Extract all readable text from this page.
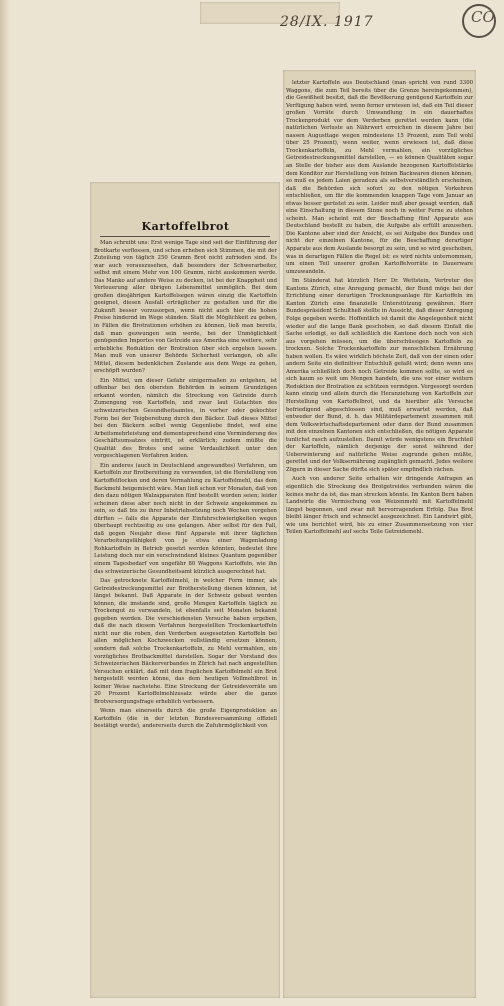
28/IX. 1917	CO
Kartoffelbrot

Man schreibt uns: Erst wenige Tage sind seit der Einführung der Brotkarte verflossen, und schon erheben sich Stimmen, die mit der Zuteilung von täglich 250 Gramm Brot nicht zufrieden sind. Es war auch vorauszusehen, daß besonders der Schwerarbeiter, selbst mit einem Mehr von 100 Gramm, nicht auskommen werde. Das Manko auf andere Weise zu decken, ist bei der Knappheit und Verteuerung aller übrigen Lebensmittel unmöglich. Bei dem großen diesjährigen Kartoffelsegen wären einzig die Kartoffeln geeignet, diesen Ausfall erträglicher zu gestalten und für die Zukunft besser vorzusorgen, wenn nicht auch hier die hohen Preise hindernd im Wege ständen. Statt die Möglichkeit zu geben, in Fällen die Brotrationen erhöhen zu können, ließ man bereits, daß man gezwungen sein werde, bei der Unmöglichkeit genügenden Importes von Getreide aus Amerika eine weitere, sehr erhebliche Reduktion der Brotration über sich ergehen lassen. Man muß von unserer Behörde Sicherheit verlangen, ob alle Mittel, diesem bedenklichen Zustande aus dem Wege zu gehen, erschöpft wurden?

Ein Mittel, um dieser Gefahr einigermaßen zu entgehen, ist offenbar bei den obersten Behörden in seinem Grundzügen erkannt worden, nämlich die Streckung von Getreide durch Zumengung von Kartoffeln, und zwar laut Gutachten des schweizerischen Gesundheitsamtes, in vorher oder gekochter Form bei der Teigbereitung durch den Bäcker. Daß dieses Mittel bei den Bäckern selbst wenig Gegenliebe findet, weil eine Arbeitsmehrleistung und dementsprechend eine Verminderung des Geschäftsumsatzes eintritt, ist erklärlich; zudem müßte die Qualität des Brotes und seine Verdaulichkeit unter den vorgeschlagenen Verfahren leiden.

Ein anderes (auch in Deutschland angewandtes) Verfahren, um Kartoffeln zur Brotbereitung zu verwenden, ist die Herstellung von Kartoffelflocken und deren Vermahlung zu Kartoffelmehl, das dem Backmehl beigemischt wäre. Man ließ schon vor Monaten, daß von den dazu nötigen Walzapparaten fünf bestellt worden seien; leider scheinen diese aber noch nicht in der Schweiz angekommen zu sein, so daß bis zu ihrer Inbetriebsetzung noch Wochen vergehen dürften — falls die Apparate der Einfuhrschwierigkeiten wegen überhaupt rechtzeitig zu uns gelangen. Aber selbst für den Fall, daß gegen Neujahr diese fünf Apparate mit ihrer täglichen Verarbeitungsfähigkeit von je etwa einer Wagenladung Rohkartoffeln in Betrieb gesetzt werden könnten, bedeutet ihre Leistung doch nur ein verschwindend kleines Quantum gegenüber einem Tagesbedarf von ungefähr 80 Waggons Kartoffeln, wie ihn das schweizerische Gesundheitsamt kürzlich ausgerechnet hat.

Das getrocknete Kartoffelmehl, in welcher Form immer, als Getreidestreckungsmittel zur Brotherstellung dienen können, ist längst bekannt. Daß Apparate in der Schweiz gebaut werden können, die imstande sind, große Mengen Kartoffeln täglich zu Trockengut zu verwandeln, ist ebenfalls seit Monaten bekannt gegeben worden. Die verschiedensten Versuche haben ergeben, daß die nach diesem Verfahren hergestellten Trockenkartoffeln nicht nur die roben, den Verderben ausgesetzten Kartoffeln bei allen möglichen Kochzwecken vollständig ersetzen können, sondern daß solche Trockenkartoffeln, zu Mehl vermahlen, ein vorzügliches Brotbackmittel darstellen. Sogar der Vorstand des Schweizerischen Bäckerverbandes in Zürich hat nach angestellten Versuchen erklärt, daß mit dem fraglichen Kartoffelmehl ein Brot hergestellt werden könne, das dem heutigen Vollmehlbrot in keiner Weise nachstehe. Eine Streckung der Getreidevorräte um 20 Prozent Kartoffelmehlzusatz würde aber die ganze Brotversorgungsfrage erheblich verbessern.

Wenn man einerseits durch die große Eigenproduktion an Kartoffeln (die in der letzten Bundesversammlung offiziell bestätigt wurde), andererseits durch die Zufuhrmöglichkeit von

letzter Kartoffeln aus Deutschland (man spricht von rund 3300 Waggons, die zum Teil bereits über die Grenze hereingekommen), die Gewißheit besitzt, daß die Bevölkerung genügend Kartoffeln zur Verfügung haben wird, wenn ferner erwiesen ist, daß ein Teil dieser großen Vorräte durch Umwandlung in ein dauerhaftes Trockenprodukt vor dem Verderben gerettet werden kann (die natürlichen Verluste an Nährwert erreichen in diesem Jahre bei nassen Augusttage wegen mindestens 15 Prozent, zum Teil wohl über 25 Prozent), wenn weiter, wenn erwiesen ist, daß diese Trockenkartoffeln, zu Mehl vermahlen, ein vorzügliches Getreidestreckungsmittel darstellen, — so können Qualitäten sogar an Stelle der bisher aus dem Auslande bezogenen Kartoffelstärke dem Konditor zur Herstellung von feinen Backwaren dienen können, so muß es jedem Laien geradezu als selbstverständlich erscheinen, daß die Behörden sich sofort zu den nötigen Vorkehren entschließen, um für die kommenden knappen Tage vom Januar an etwas besser gerüstet zu sein. Leider muß aber gesagt werden, daß eine Einschaltung in diesem Sinne noch in weiter Ferne zu stehen scheint. Man scheint mit der Beschaffung fünf Apparate aus Deutschland bestellt zu haben, die Aufgabe als erfüllt anzusehen. Die Kantone aber sind der Ansicht, es sei Aufgabe des Bundes und nicht der einzelnen Kantone, für die Beschaffung derartiger Apparate aus dem Auslande besorgt zu sein, und so wird geschoben, was in derartigen Fällen die Regel ist: es wird nichts unternommen, um einen Teil unserer großen Kartoffelvorräte in Dauerware umzuwandeln.

Im Ständerat hat kürzlich Herr Dr. Wettstein, Vertreter des Kantons Zürich, eine Anregung gemacht, der Bund möge bei der Errichtung einer derartigen Trocknungsanlage für Kartoffeln im Kanton Zürich eine finanzielle Unterstützung gewähren. Herr Bundespräsident Schultheß stellte in Aussicht, daß dieser Anregung Folge gegeben werde. Hoffentlich ist damit die Angelegenheit nicht wieder auf die lange Bank geschoben, so daß diesem Einfall die Sache erledigt, so daß schließlich die Kantone doch noch von sich aus vorgehen müssen, um die überschüssigen Kartoffeln zu trocknen. Solche Trockenkartoffeln zur menschlichen Ernährung haben wollen. Es wäre wirklich höchste Zeit, daß von der einen oder andern Seite ein definitiver Entschluß gefaßt wird; denn wenn uns Amerika schließlich doch noch Getreide kommen sollte, so wird es sich kaum so weit um Mengen handeln, die uns vor einer weitern Reduktion der Brotration zu schützen vermögen. Vorgesorgt werden kann einzig und allein durch die Heranziehung von Kartoffeln zur Herstellung von Kartoffelbrot, und da hierüber alle Versuche befriedigend abgeschlossen sind, muß erwartet werden, daß entweder der Bund, d. h. das Militärdepartement zusammen mit dem Volkswirtschaftsdepartement oder dann der Bund zusammen mit den einzelnen Kantonen sich entschließen, die nötigen Apparate tunlichst rasch aufzustellen. Damit würde wenigstens ein Bruchteil der Kartoffeln, nämlich derjenige der sonst während der Ueberwinterung auf natürliche Weise zugrunde gehen müßte, gerettet und der Volksernährung zugänglich gemacht. Jedes weitere Zögern in dieser Sache dürfte sich später empfindlich rächen.

Auch von anderer Seite erhalten wir dringende Anfragen an eigentlich die Streckung des Brotgetreides verbunden wären die keines mehr da ist, das man strecken könnte. Im Kanton Bern haben Landwirte die Vermischung von Weizenmehl mit Kartoffelmehl längst begonnen, und zwar mit hervorragendem Erfolg. Das Brot bleibt länger frisch und schmeckt ausgezeichnet. Ein Landwirt gibt, wie uns berichtet wird, bis zu einer Zusammensetzung von vier Teilen Kartoffelmehl auf sechs Teile Getreidemehl.
